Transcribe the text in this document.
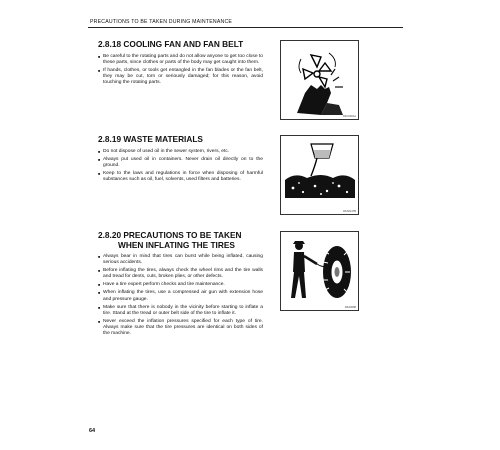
PRECAUTIONS TO BE TAKEN DURING MAINTENANCE
2.8.18 COOLING FAN AND FAN BELT
■ Be careful to the rotating parts and do not allow anyone to get too close to these parts, since clothes or parts of the body may get caught into them.
■ If hands, clothes, or tools get entangled in the fan blades or the fan belt, they may be cut, torn or seriously damaged; for this reason, avoid touching the rotating parts.
RKC0001A
2.8.19 WASTE MATERIALS
■ Do not dispose of used oil in the sewer system, rivers, etc.
■ Always put used oil in containers. Never drain oil directly on to the ground.
■ Keep to the laws and regulations in force when disposing of harmful substances such as oil, fuel, solvents, used filters and batteries.
RKA0147B
2.8.20 PRECAUTIONS TO BE TAKEN
WHEN INFLATING THE TIRES
■ Always bear in mind that tires can burst while being inflated, causing serious accidents.
■ Before inflating the tires, always check the wheel rims and the tire walls and tread for dents, cuts, broken plies, or other defects.
■ Have a tire expert perform checks and tire maintenance.
■ When inflating the tires, use a compressed air gun with extension hose and pressure gauge.
■ Make sure that there is nobody in the vicinity before starting to inflate a tire. Stand at the tread or outer belt side of the tire to inflate it.
■ Never exceed the inflation pressures specified for each type of tire. Always make sure that the tire pressures are identical on both sides of the machine.
RKA0088
64
